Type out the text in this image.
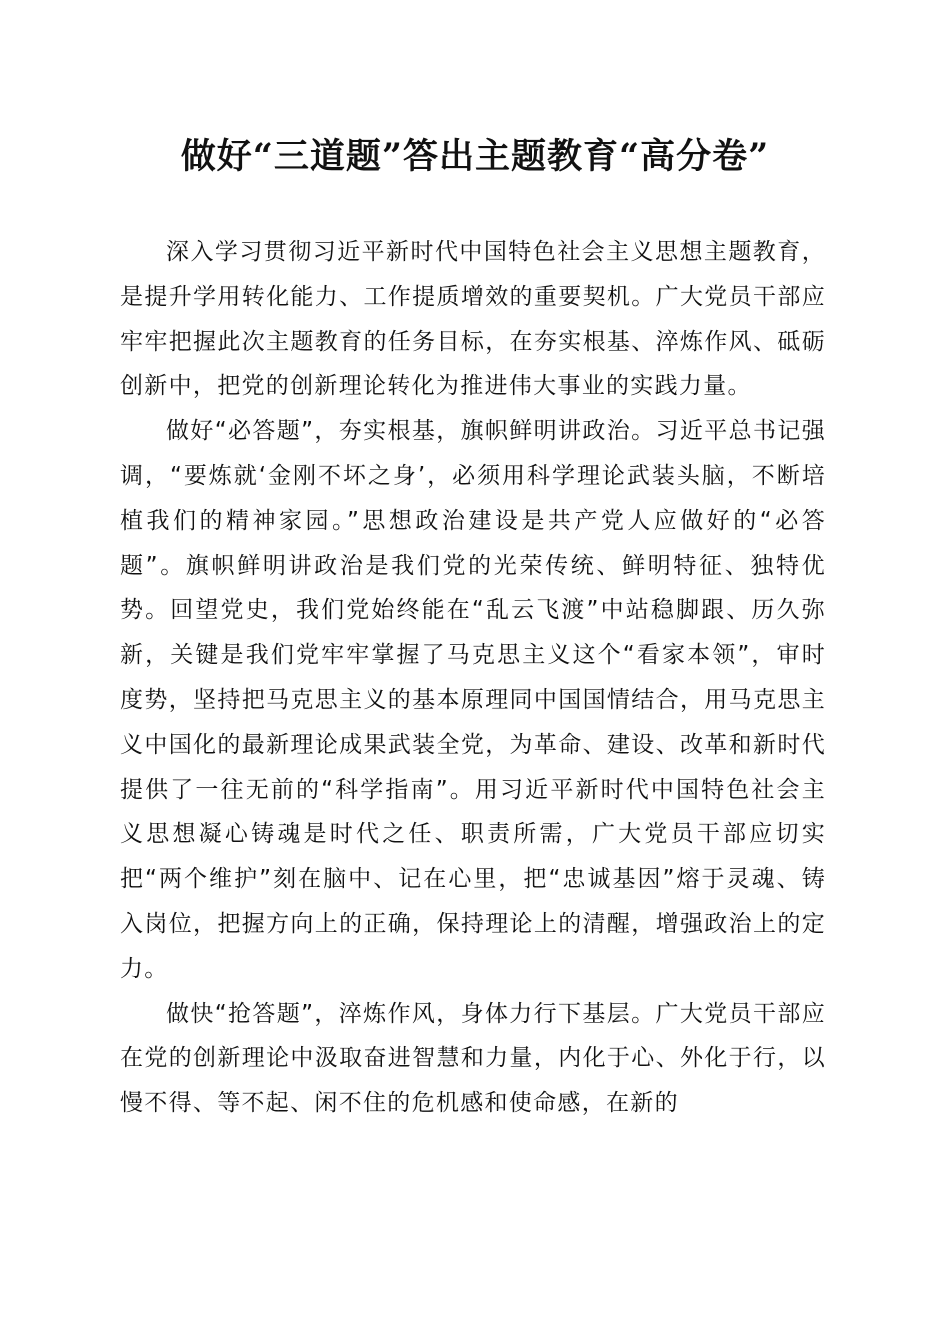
做好“三道题”答出主题教育“高分卷”

深入学习贯彻习近平新时代中国特色社会主义思想主题教育，是提升学用转化能力、工作提质增效的重要契机。广大党员干部应牢牢把握此次主题教育的任务目标，在夯实根基、淬炼作风、砥砺创新中，把党的创新理论转化为推进伟大事业的实践力量。

做好“必答题”，夯实根基，旗帜鲜明讲政治。习近平总书记强调，“要炼就‘金刚不坏之身’，必须用科学理论武装头脑，不断培植我们的精神家园。”思想政治建设是共产党人应做好的“必答题”。旗帜鲜明讲政治是我们党的光荣传统、鲜明特征、独特优势。回望党史，我们党始终能在“乱云飞渡”中站稳脚跟、历久弥新，关键是我们党牢牢掌握了马克思主义这个“看家本领”，审时度势，坚持把马克思主义的基本原理同中国国情结合，用马克思主义中国化的最新理论成果武装全党，为革命、建设、改革和新时代提供了一往无前的“科学指南”。用习近平新时代中国特色社会主义思想凝心铸魂是时代之任、职责所需，广大党员干部应切实把“两个维护”刻在脑中、记在心里，把“忠诚基因”熔于灵魂、铸入岗位，把握方向上的正确，保持理论上的清醒，增强政治上的定力。

做快“抢答题”，淬炼作风，身体力行下基层。广大党员干部应在党的创新理论中汲取奋进智慧和力量，内化于心、外化于行，以慢不得、等不起、闲不住的危机感和使命感，在新的
